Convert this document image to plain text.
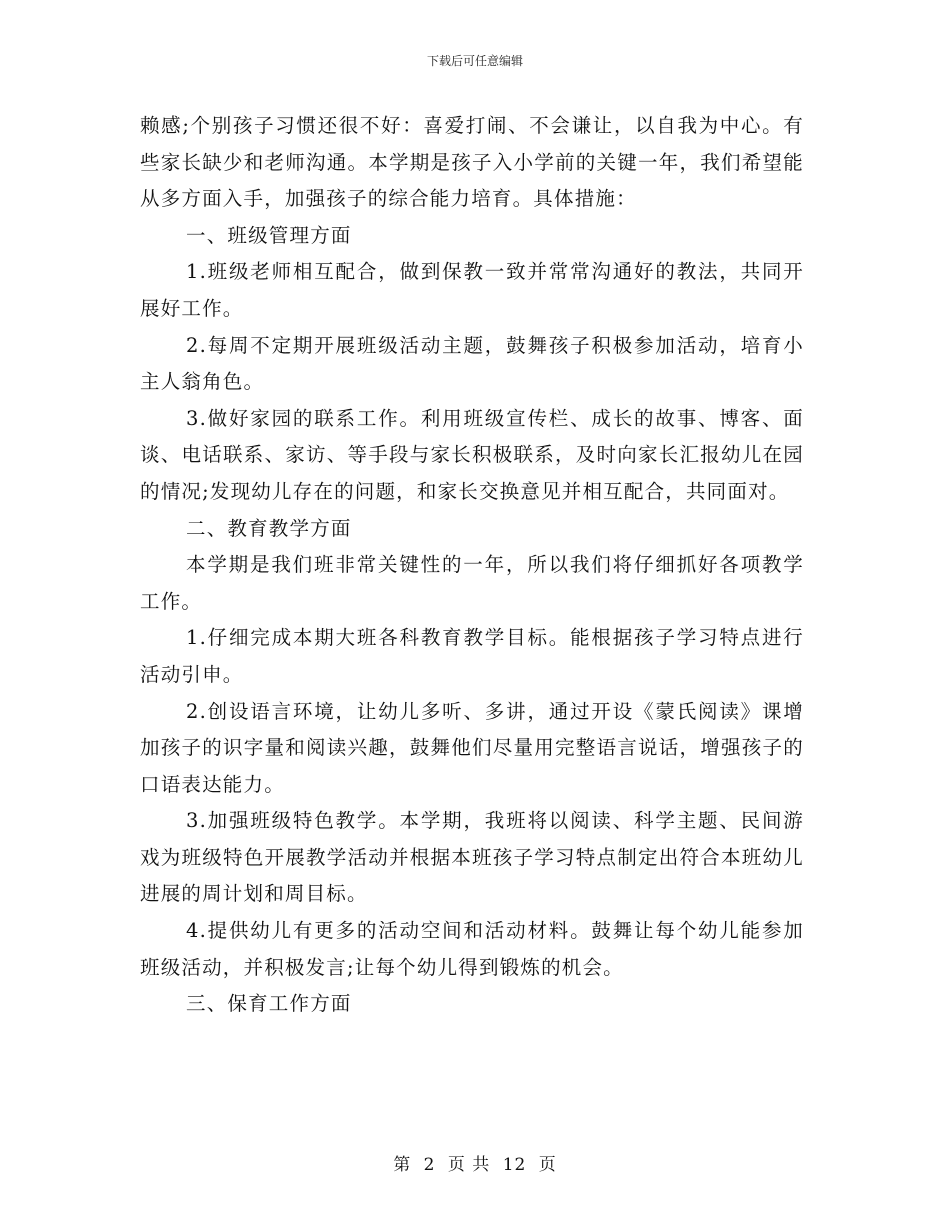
下载后可任意编辑

赖感;个别孩子习惯还很不好：喜爱打闹、不会谦让，以自我为中心。有些家长缺少和老师沟通。本学期是孩子入小学前的关键一年，我们希望能从多方面入手，加强孩子的综合能力培育。具体措施：

一、班级管理方面

1.班级老师相互配合，做到保教一致并常常沟通好的教法，共同开展好工作。

2.每周不定期开展班级活动主题，鼓舞孩子积极参加活动，培育小主人翁角色。

3.做好家园的联系工作。利用班级宣传栏、成长的故事、博客、面谈、电话联系、家访、等手段与家长积极联系，及时向家长汇报幼儿在园的情况;发现幼儿存在的问题，和家长交换意见并相互配合，共同面对。

二、教育教学方面

本学期是我们班非常关键性的一年，所以我们将仔细抓好各项教学工作。

1.仔细完成本期大班各科教育教学目标。能根据孩子学习特点进行活动引申。

2.创设语言环境，让幼儿多听、多讲，通过开设《蒙氏阅读》课增加孩子的识字量和阅读兴趣，鼓舞他们尽量用完整语言说话，增强孩子的口语表达能力。

3.加强班级特色教学。本学期，我班将以阅读、科学主题、民间游戏为班级特色开展教学活动并根据本班孩子学习特点制定出符合本班幼儿进展的周计划和周目标。

4.提供幼儿有更多的活动空间和活动材料。鼓舞让每个幼儿能参加班级活动，并积极发言;让每个幼儿得到锻炼的机会。

三、保育工作方面

第 2 页 共 12 页
